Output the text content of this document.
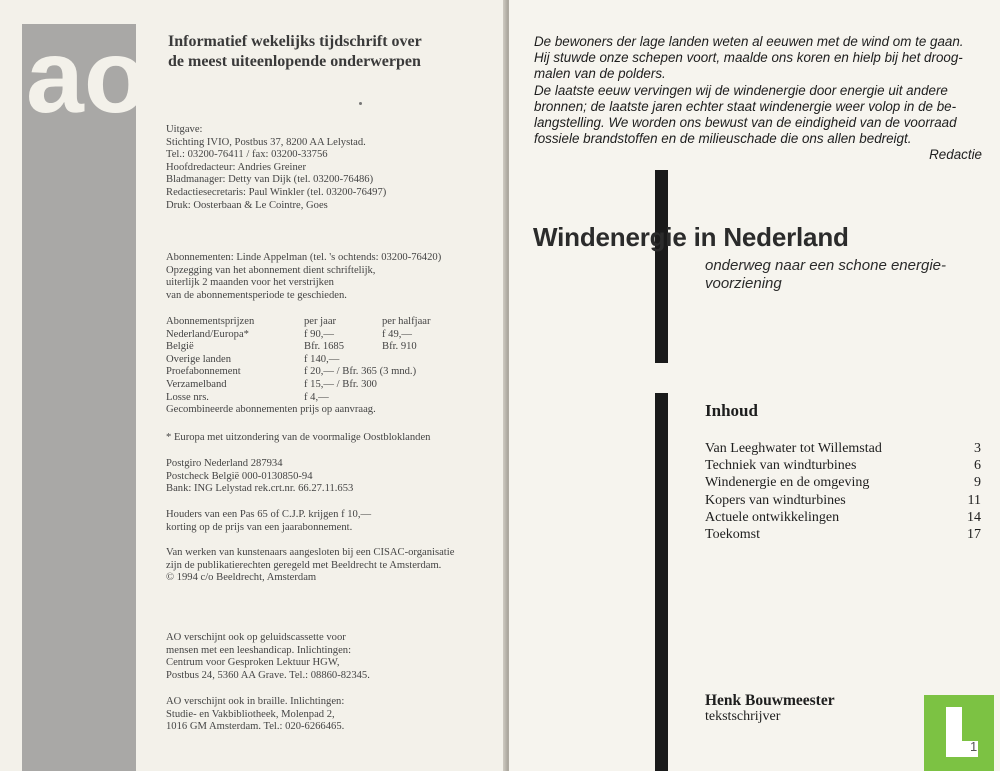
ao Informatief wekelijks tijdschrift over
de meest uiteenlopende onderwerpen
Uitgave:
Stichting IVIO, Postbus 37, 8200 AA Lelystad.
Tel.: 03200-76411 / fax: 03200-33756
Hoofdredacteur: Andries Greiner
Bladmanager: Detty van Dijk (tel. 03200-76486)
Redactiesecretaris: Paul Winkler (tel. 03200-76497)
Druk: Oosterbaan & Le Cointre, Goes
Abonnementen: Linde Appelman (tel. 's ochtends: 03200-76420)
Opzegging van het abonnement dient schriftelijk,
uiterlijk 2 maanden voor het verstrijken
van de abonnementsperiode te geschieden.
Abonnementsprijzen	per jaar	per halfjaar
Nederland/Europa*	f 90,—	f 49,—
België	Bfr. 1685	Bfr. 910
Overige landen	f 140,—	
Proefabonnement	f 20,— / Bfr. 365 (3 mnd.)	
Verzamelband	f 15,— / Bfr. 300	
Losse nrs.	f 4,—	
Gecombineerde abonnementen prijs op aanvraag.		
* Europa met uitzondering van de voormalige Oostbloklanden
Postgiro Nederland 287934
Postcheck België 000-0130850-94
Bank: ING Lelystad rek.crt.nr. 66.27.11.653
Houders van een Pas 65 of C.J.P. krijgen f 10,—
korting op de prijs van een jaarabonnement.
Van werken van kunstenaars aangesloten bij een CISAC-organisatie
zijn de publikatierechten geregeld met Beeldrecht te Amsterdam.
© 1994 c/o Beeldrecht, Amsterdam
AO verschijnt ook op geluidscassette voor
mensen met een leeshandicap. Inlichtingen:
Centrum voor Gesproken Lektuur HGW,
Postbus 24, 5360 AA Grave. Tel.: 08860-82345.
AO verschijnt ook in braille. Inlichtingen:
Studie- en Vakbibliotheek, Molenpad 2,
1016 GM Amsterdam. Tel.: 020-6266465.
De bewoners der lage landen weten al eeuwen met de wind om te gaan.
Hij stuwde onze schepen voort, maalde ons koren en hielp bij het droog-
malen van de polders.
De laatste eeuw vervingen wij de windenergie door energie uit andere
bronnen; de laatste jaren echter staat windenergie weer volop in de be-
langstelling. We worden ons bewust van de eindigheid van de voorraad
fossiele brandstoffen en de milieuschade die ons allen bedreigt.
Redactie
Windenergie in Nederland
onderweg naar een schone energie-voorziening
Inhoud
Van Leeghwater tot Willemstad	3
Techniek van windturbines	6
Windenergie en de omgeving	9
Kopers van windturbines	11
Actuele ontwikkelingen	14
Toekomst	17
Henk Bouwmeester
tekstschrijver
1
